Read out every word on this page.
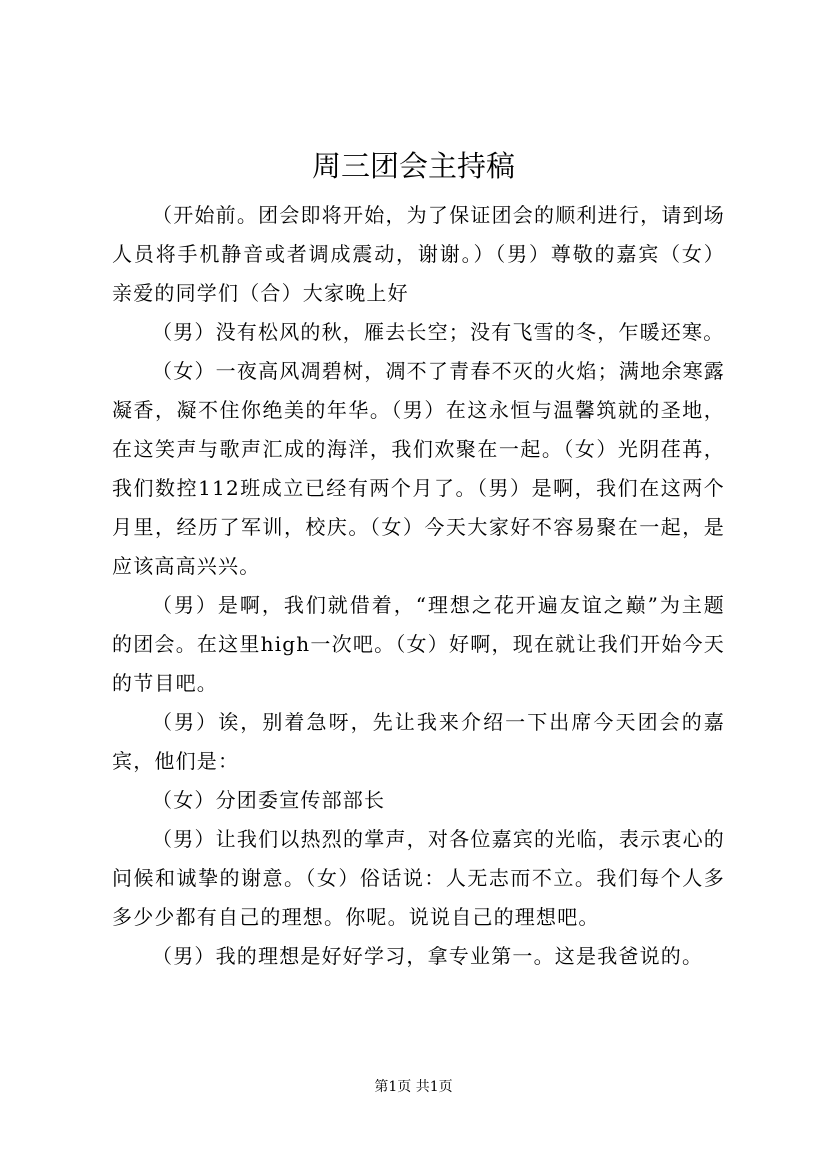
周三团会主持稿

（开始前。团会即将开始，为了保证团会的顺利进行，请到场人员将手机静音或者调成震动，谢谢。）（男）尊敬的嘉宾（女）亲爱的同学们（合）大家晚上好

（男）没有松风的秋，雁去长空；没有飞雪的冬，乍暖还寒。

（女）一夜高风凋碧树，凋不了青春不灭的火焰；满地余寒露凝香，凝不住你绝美的年华。（男）在这永恒与温馨筑就的圣地，在这笑声与歌声汇成的海洋，我们欢聚在一起。（女）光阴荏苒，我们数控112班成立已经有两个月了。（男）是啊，我们在这两个月里，经历了军训，校庆。（女）今天大家好不容易聚在一起，是应该高高兴兴。

（男）是啊，我们就借着，“理想之花开遍友谊之巅”为主题的团会。在这里high一次吧。（女）好啊，现在就让我们开始今天的节目吧。

（男）诶，别着急呀，先让我来介绍一下出席今天团会的嘉宾，他们是：

（女）分团委宣传部部长

（男）让我们以热烈的掌声，对各位嘉宾的光临，表示衷心的问候和诚挚的谢意。（女）俗话说：人无志而不立。我们每个人多多少少都有自己的理想。你呢。说说自己的理想吧。

（男）我的理想是好好学习，拿专业第一。这是我爸说的。

第1页 共1页
